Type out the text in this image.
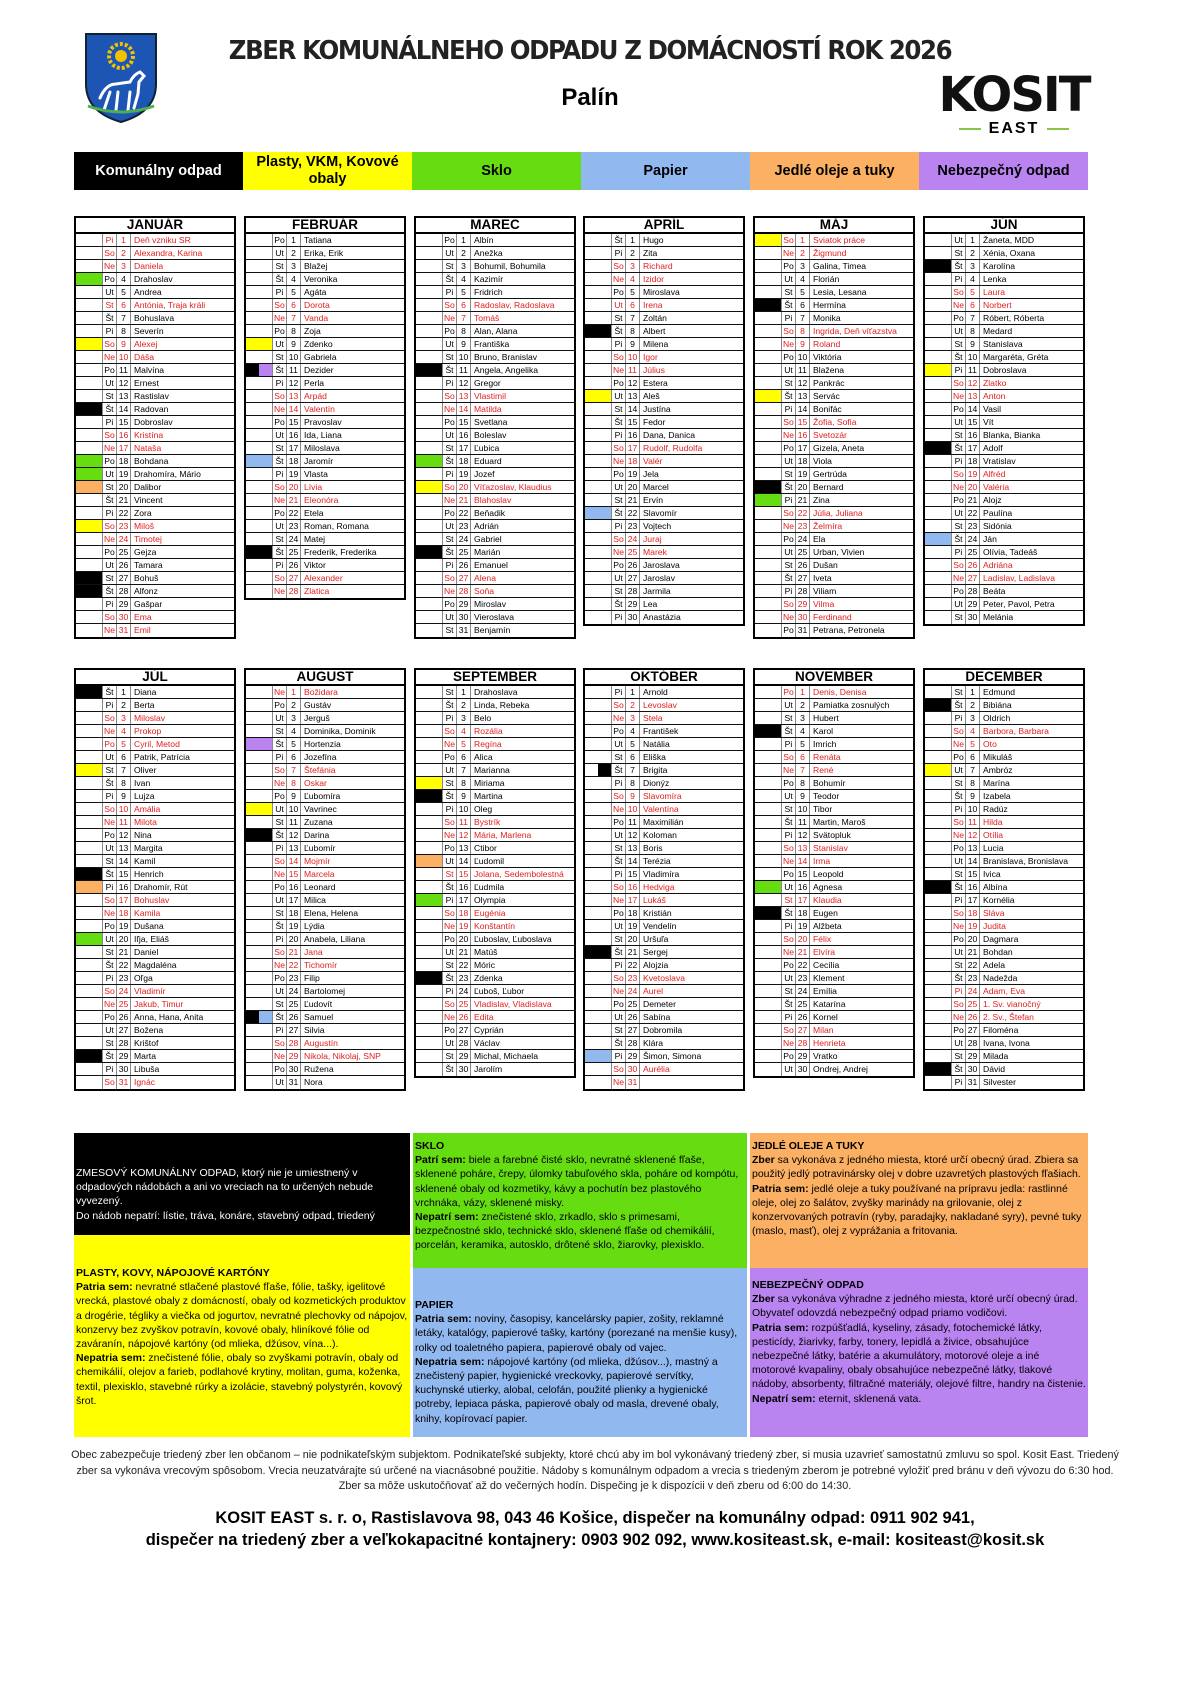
ZBER KOMUNÁLNEHO ODPADU Z DOMÁCNOSTÍ ROK 2026
Palín	KOSIT
EAST
Komunálny odpad
Plasty, VKM, Kovové obaly
Sklo	Papier	Jedlé oleje a tuky	Nebezpečný odpad
JANUÁR
Pi 1 Deň vzniku SR
So 2 Alexandra, Karina
Ne 3 Daniela
Po 4 Drahoslav
Ut 5 Andrea
St 6 Antónia, Traja králi
Št 7 Bohuslava
Pi 8 Severín
So 9 Alexej
Ne 10 Dáša
Po 11 Malvína
Ut 12 Ernest
St 13 Rastislav
Št 14 Radovan
Pi 15 Dobroslav
So 16 Kristína
Ne 17 Nataša
Po 18 Bohdana
Ut 19 Drahomíra, Mário
St 20 Dalibor
Št 21 Vincent
Pi 22 Zora
So 23 Miloš
Ne 24 Timotej
Po 25 Gejza
Ut 26 Tamara
St 27 Bohuš
Št 28 Alfonz
Pi 29 Gašpar
So 30 Ema
Ne 31 Emil
FEBRUÁR
Po 1 Tatiana
Ut 2 Erika, Erik
St 3 Blažej
Št 4 Veronika
Pi 5 Agáta
So 6 Dorota
Ne 7 Vanda
Po 8 Zoja
Ut 9 Zdenko
St 10 Gabriela
Št 11 Dezider
Pi 12 Perla
So 13 Arpád
Ne 14 Valentín
Po 15 Pravoslav
Ut 16 Ida, Liana
St 17 Miloslava
Št 18 Jaromír
Pi 19 Vlasta
So 20 Lívia
Ne 21 Eleonóra
Po 22 Etela
Ut 23 Roman, Romana
St 24 Matej
Št 25 Frederik, Frederika
Pi 26 Viktor
So 27 Alexander
Ne 28 Zlatica
MAREC
Po 1 Albín
Ut 2 Anežka
St 3 Bohumil, Bohumila
Št 4 Kazimír
Pi 5 Fridrich
So 6 Radoslav, Radoslava
Ne 7 Tomáš
Po 8 Alan, Alana
Ut 9 Františka
St 10 Bruno, Branislav
Št 11 Angela, Angelika
Pi 12 Gregor
So 13 Vlastimil
Ne 14 Matilda
Po 15 Svetlana
Ut 16 Boleslav
St 17 Ľubica
Št 18 Eduard
Pi 19 Jozef
So 20 Víťazoslav, Klaudius
Ne 21 Blahoslav
Po 22 Beňadik
Ut 23 Adrián
St 24 Gabriel
Št 25 Marián
Pi 26 Emanuel
So 27 Alena
Ne 28 Soňa
Po 29 Miroslav
Ut 30 Vieroslava
St 31 Benjamín
APRÍL
Št 1 Hugo
Pi 2 Zita
So 3 Richard
Ne 4 Izidor
Po 5 Miroslava
Ut 6 Irena
St 7 Zoltán
Št 8 Albert
Pi 9 Milena
So 10 Igor
Ne 11 Július
Po 12 Estera
Ut 13 Aleš
St 14 Justína
Št 15 Fedor
Pi 16 Dana, Danica
So 17 Rudolf, Rudolfa
Ne 18 Valér
Po 19 Jela
Ut 20 Marcel
St 21 Ervín
Št 22 Slavomír
Pi 23 Vojtech
So 24 Juraj
Ne 25 Marek
Po 26 Jaroslava
Ut 27 Jaroslav
St 28 Jarmila
Št 29 Lea
Pi 30 Anastázia
MÁJ
So 1 Sviatok práce
Ne 2 Žigmund
Po 3 Galina, Timea
Ut 4 Florián
St 5 Lesia, Lesana
Št 6 Hermína
Pi 7 Monika
So 8 Ingrida, Deň víťazstva
Ne 9 Roland
Po 10 Viktória
Ut 11 Blažena
St 12 Pankrác
Št 13 Servác
Pi 14 Bonifác
So 15 Žofia, Sofia
Ne 16 Svetozár
Po 17 Gizela, Aneta
Ut 18 Viola
St 19 Gertrúda
Št 20 Bernard
Pi 21 Zina
So 22 Júlia, Juliana
Ne 23 Želmíra
Po 24 Ela
Ut 25 Urban, Vivien
St 26 Dušan
Št 27 Iveta
Pi 28 Viliam
So 29 Vilma
Ne 30 Ferdinand
Po 31 Petrana, Petronela
JÚN
Ut 1 Žaneta, MDD
St 2 Xénia, Oxana
Št 3 Karolína
Pi 4 Lenka
So 5 Laura
Ne 6 Norbert
Po 7 Róbert, Róberta
Ut 8 Medard
St 9 Stanislava
Št 10 Margaréta, Gréta
Pi 11 Dobroslava
So 12 Zlatko
Ne 13 Anton
Po 14 Vasil
Ut 15 Vít
St 16 Blanka, Bianka
Št 17 Adolf
Pi 18 Vratislav
So 19 Alfréd
Ne 20 Valéria
Po 21 Alojz
Ut 22 Paulína
St 23 Sidónia
Št 24 Ján
Pi 25 Olívia, Tadeáš
So 26 Adriána
Ne 27 Ladislav, Ladislava
Po 28 Beáta
Ut 29 Peter, Pavol, Petra
St 30 Melánia
JÚL
Št 1 Diana
Pi 2 Berta
So 3 Miloslav
Ne 4 Prokop
Po 5 Cyril, Metod
Ut 6 Patrik, Patrícia
St 7 Oliver
Št 8 Ivan
Pi 9 Lujza
So 10 Amália
Ne 11 Milota
Po 12 Nina
Ut 13 Margita
St 14 Kamil
Št 15 Henrich
Pi 16 Drahomír, Rút
So 17 Bohuslav
Ne 18 Kamila
Po 19 Dušana
Ut 20 Iľja, Eliáš
St 21 Daniel
Št 22 Magdaléna
Pi 23 Oľga
So 24 Vladimír
Ne 25 Jakub, Timur
Po 26 Anna, Hana, Anita
Ut 27 Božena
St 28 Krištof
Št 29 Marta
Pi 30 Libuša
So 31 Ignác
AUGUST
Ne 1 Božidara
Po 2 Gustáv
Ut 3 Jerguš
St 4 Dominika, Dominik
Št 5 Hortenzia
Pi 6 Jozefína
So 7 Štefánia
Ne 8 Oskar
Po 9 Ľubomíra
Ut 10 Vavrinec
St 11 Zuzana
Št 12 Darina
Pi 13 Ľubomír
So 14 Mojmír
Ne 15 Marcela
Po 16 Leonard
Ut 17 Milica
St 18 Elena, Helena
Št 19 Lýdia
Pi 20 Anabela, Liliana
So 21 Jana
Ne 22 Tichomír
Po 23 Filip
Ut 24 Bartolomej
St 25 Ľudovít
Št 26 Samuel
Pi 27 Silvia
So 28 Augustín
Ne 29 Nikola, Nikolaj, SNP
Po 30 Ružena
Ut 31 Nora
SEPTEMBER
St 1 Drahoslava
Št 2 Linda, Rebeka
Pi 3 Belo
So 4 Rozália
Ne 5 Regína
Po 6 Alica
Ut 7 Marianna
St 8 Miriama
Št 9 Martina
Pi 10 Oleg
So 11 Bystrík
Ne 12 Mária, Marlena
Po 13 Ctibor
Ut 14 Ľudomil
St 15 Jolana, Sedembolestná
Št 16 Ľudmila
Pi 17 Olympia
So 18 Eugénia
Ne 19 Konštantín
Po 20 Ľuboslav, Ľuboslava
Ut 21 Matúš
St 22 Móric
Št 23 Zdenka
Pi 24 Ľuboš, Ľubor
So 25 Vladislav, Vladislava
Ne 26 Edita
Po 27 Cyprián
Ut 28 Václav
St 29 Michal, Michaela
Št 30 Jarolím
OKTÓBER
Pi 1 Arnold
So 2 Levoslav
Ne 3 Stela
Po 4 František
Ut 5 Natália
St 6 Eliška
Št 7 Brigita
Pi 8 Dionýz
So 9 Slavomíra
Ne 10 Valentína
Po 11 Maximilián
Ut 12 Koloman
St 13 Boris
Št 14 Terézia
Pi 15 Vladimíra
So 16 Hedviga
Ne 17 Lukáš
Po 18 Kristián
Ut 19 Vendelín
St 20 Uršuľa
Št 21 Sergej
Pi 22 Alojzia
So 23 Kvetoslava
Ne 24 Aurel
Po 25 Demeter
Ut 26 Sabína
St 27 Dobromila
Št 28 Klára
Pi 29 Šimon, Simona
So 30 Aurélia
Ne 31
NOVEMBER
Po 1 Denis, Denisa
Ut 2 Pamiatka zosnulých
St 3 Hubert
Št 4 Karol
Pi 5 Imrich
So 6 Renáta
Ne 7 René
Po 8 Bohumír
Ut 9 Teodor
St 10 Tibor
Št 11 Martin, Maroš
Pi 12 Svätopluk
So 13 Stanislav
Ne 14 Irma
Po 15 Leopold
Ut 16 Agnesa
St 17 Klaudia
Št 18 Eugen
Pi 19 Alžbeta
So 20 Félix
Ne 21 Elvíra
Po 22 Cecília
Ut 23 Klement
St 24 Emília
Št 25 Katarína
Pi 26 Kornel
So 27 Milan
Ne 28 Henrieta
Po 29 Vratko
Ut 30 Ondrej, Andrej
DECEMBER
St 1 Edmund
Št 2 Bibiána
Pi 3 Oldrich
So 4 Barbora, Barbara
Ne 5 Oto
Po 6 Mikuláš
Ut 7 Ambróz
St 8 Marína
Št 9 Izabela
Pi 10 Radúz
So 11 Hilda
Ne 12 Otília
Po 13 Lucia
Ut 14 Branislava, Bronislava
St 15 Ivica
Št 16 Albína
Pi 17 Kornélia
So 18 Sláva
Ne 19 Judita
Po 20 Dagmara
Ut 21 Bohdan
St 22 Adela
Št 23 Nadežda
Pi 24 Adam, Eva
So 25 1. Sv. vianočný
Ne 26 2. Sv., Štefan
Po 27 Filoména
Ut 28 Ivana, Ivona
St 29 Milada
Št 30 Dávid
Pi 31 Silvester
ZMESOVÝ KOMUNÁLNY ODPAD, ktorý nie je umiestnený v odpadových nádobách a ani vo vreciach na to určených nebude vyvezený.
Do nádob nepatrí: lístie, tráva, konáre, stavebný odpad, triedený
PLASTY, KOVY, NÁPOJOVÉ KARTÓNY
Patria sem: nevratné stlačené plastové fľaše, fólie, tašky, igelitové vrecká, plastové obaly z domácností, obaly od kozmetických produktov a drogérie, tégliky a viečka od jogurtov, nevratné plechovky od nápojov, konzervy bez zvyškov potravín, kovové obaly, hliníkové fólie od zaváranín, nápojové kartóny (od mlieka, džúsov, vína...).
Nepatria sem: znečistené fólie, obaly so zvyškami potravín, obaly od chemikálií, olejov a farieb, podlahové krytiny, molitan, guma, koženka, textil, plexisklo, stavebné rúrky a izolácie, stavebný polystyrén, kovový šrot.
SKLO
Patrí sem: biele a farebné čisté sklo, nevratné sklenené fľaše, sklenené poháre, črepy, úlomky tabuľového skla, poháre od kompótu, sklenené obaly od kozmetiky, kávy a pochutín bez plastového vrchnáka, vázy, sklenené misky.
Nepatrí sem: znečistené sklo, zrkadlo, sklo s primesami, bezpečnostné sklo, technické sklo, sklenené fľaše od chemikálií, porcelán, keramika, autosklo, drôtené sklo, žiarovky, plexisklo.
PAPIER
Patria sem: noviny, časopisy, kancelársky papier, zošity, reklamné letáky, katalógy, papierové tašky, kartóny (porezané na menšie kusy), rolky od toaletného papiera, papierové obaly od vajec.
Nepatria sem: nápojové kartóny (od mlieka, džúsov...), mastný a znečistený papier, hygienické vreckovky, papierové servítky, kuchynské utierky, alobal, celofán, použité plienky a hygienické potreby, lepiaca páska, papierové obaly od masla, drevené obaly, knihy, kopírovací papier.
JEDLÉ OLEJE A TUKY
Zber sa vykonáva z jedného miesta, ktoré určí obecný úrad. Zbiera sa použitý jedlý potravinársky olej v dobre uzavretých plastových fľašiach.
Patria sem: jedlé oleje a tuky používané na prípravu jedla: rastlinné oleje, olej zo šalátov, zvyšky marinády na grilovanie, olej z konzervovaných potravín (ryby, paradajky, nakladané syry), pevné tuky (maslo, masť), olej z vyprážania a fritovania.
NEBEZPEČNÝ ODPAD
Zber sa vykonáva výhradne z jedného miesta, ktoré určí obecný úrad. Obyvateľ odovzdá nebezpečný odpad priamo vodičovi.
Patria sem: rozpúšťadlá, kyseliny, zásady, fotochemické látky, pesticídy, žiarivky, farby, tonery, lepidlá a živice, obsahujúce nebezpečné látky, batérie a akumulátory, motorové oleje a iné motorové kvapaliny, obaly obsahujúce nebezpečné látky, tlakové nádoby, absorbenty, filtračné materiály, olejové filtre, handry na čistenie.
Nepatrí sem: eternit, sklenená vata.
Obec zabezpečuje triedený zber len občanom – nie podnikateľským subjektom. Podnikateľské subjekty, ktoré chcú aby im bol vykonávaný triedený zber, si musia uzavrieť samostatnú zmluvu so spol. Kosit East. Triedený zber sa vykonáva vrecovým spôsobom. Vrecia neuzatvárajte sú určené na viacnásobné použitie. Nádoby s komunálnym odpadom a vrecia s triedeným zberom je potrebné vyložiť pred bránu v deň vývozu do 6:30 hod. Zber sa môže uskutočňovať až do večerných hodín. Dispečing je k dispozícii v deň zberu od 6:00 do 14:30.
KOSIT EAST s. r. o, Rastislavova 98, 043 46 Košice, dispečer na komunálny odpad: 0911 902 941,
dispečer na triedený zber a veľkokapacitné kontajnery: 0903 902 092, www.kositeast.sk, e-mail: kositeast@kosit.sk
